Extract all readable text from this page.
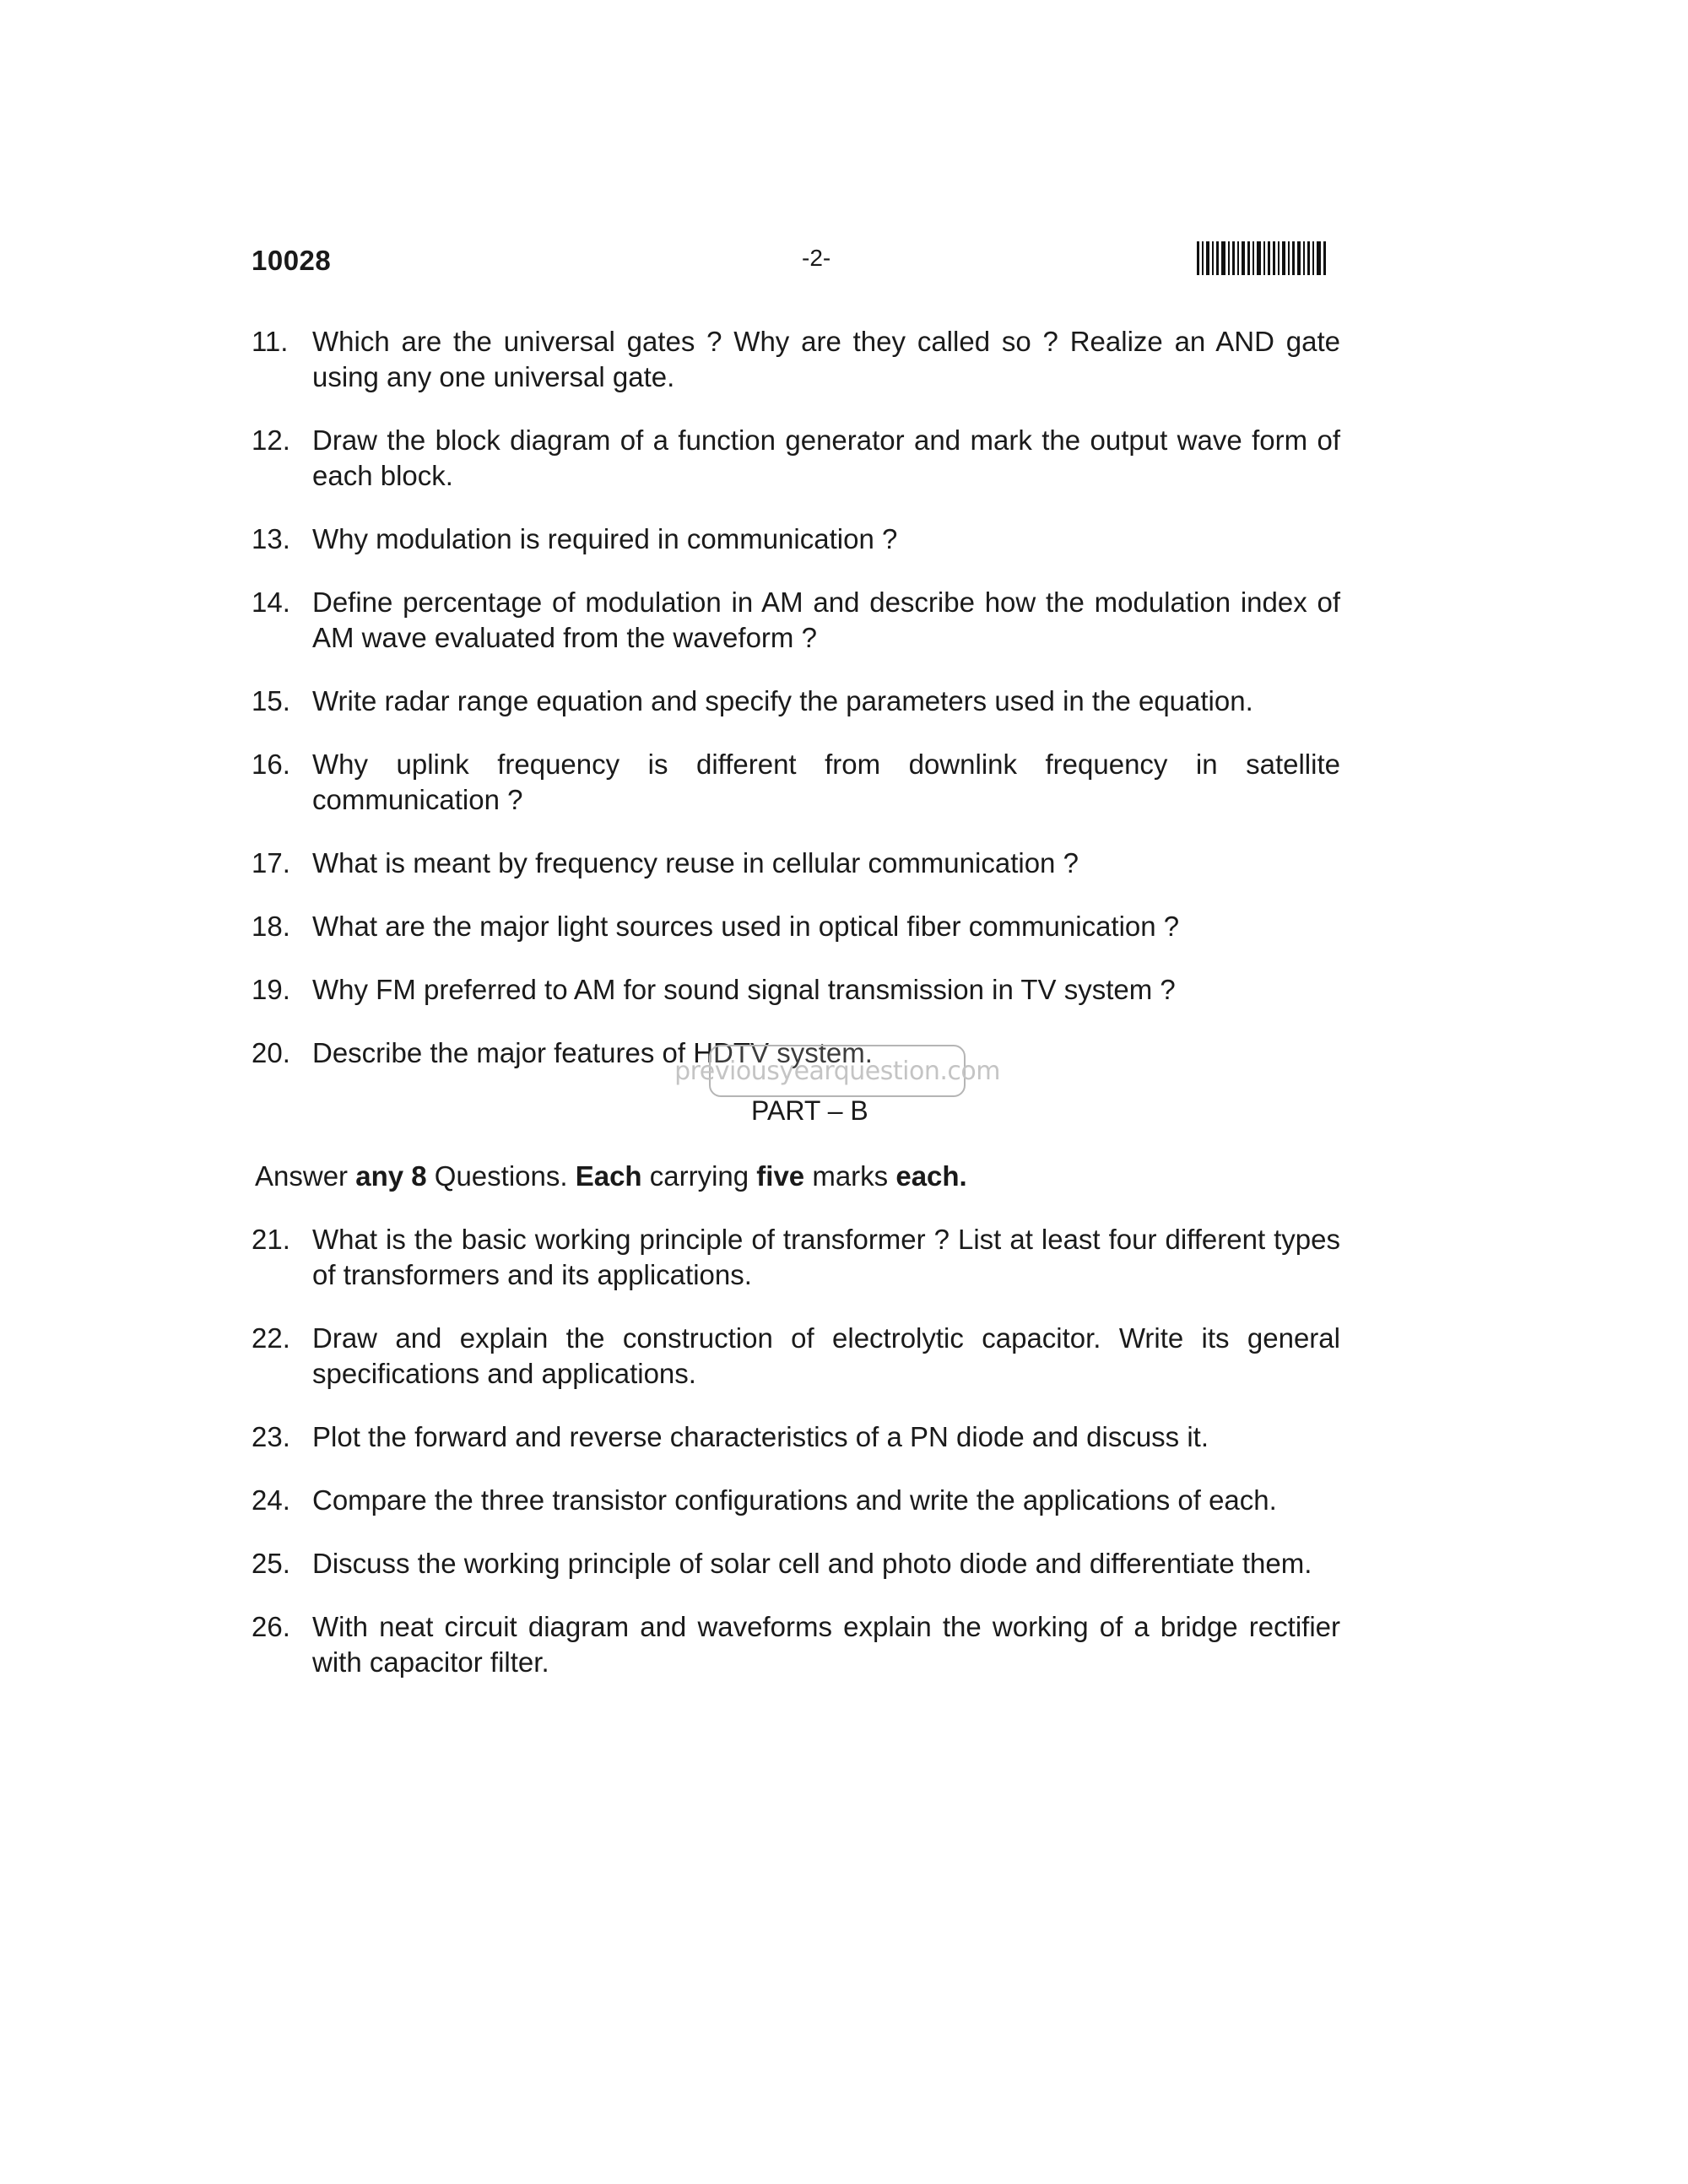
10028	-2-
11. Which are the universal gates ? Why are they called so ? Realize an AND gate using any one universal gate.
12. Draw the block diagram of a function generator and mark the output wave form of each block.
13. Why modulation is required in communication ?
14. Define percentage of modulation in AM and describe how the modulation index of AM wave evaluated from the waveform ?
15. Write radar range equation and specify the parameters used in the equation.
16. Why uplink frequency is different from downlink frequency in satellite communication ?
17. What is meant by frequency reuse in cellular communication ?
18. What are the major light sources used in optical fiber communication ?
19. Why FM preferred to AM for sound signal transmission in TV system ?
20. Describe the major features of HDTV system.
previousyearquestion.com
PART – B
Answer any 8 Questions. Each carrying five marks each.
21. What is the basic working principle of transformer ? List at least four different types of transformers and its applications.
22. Draw and explain the construction of electrolytic capacitor. Write its general specifications and applications.
23. Plot the forward and reverse characteristics of a PN diode and discuss it.
24. Compare the three transistor configurations and write the applications of each.
25. Discuss the working principle of solar cell and photo diode and differentiate them.
26. With neat circuit diagram and waveforms explain the working of a bridge rectifier with capacitor filter.
